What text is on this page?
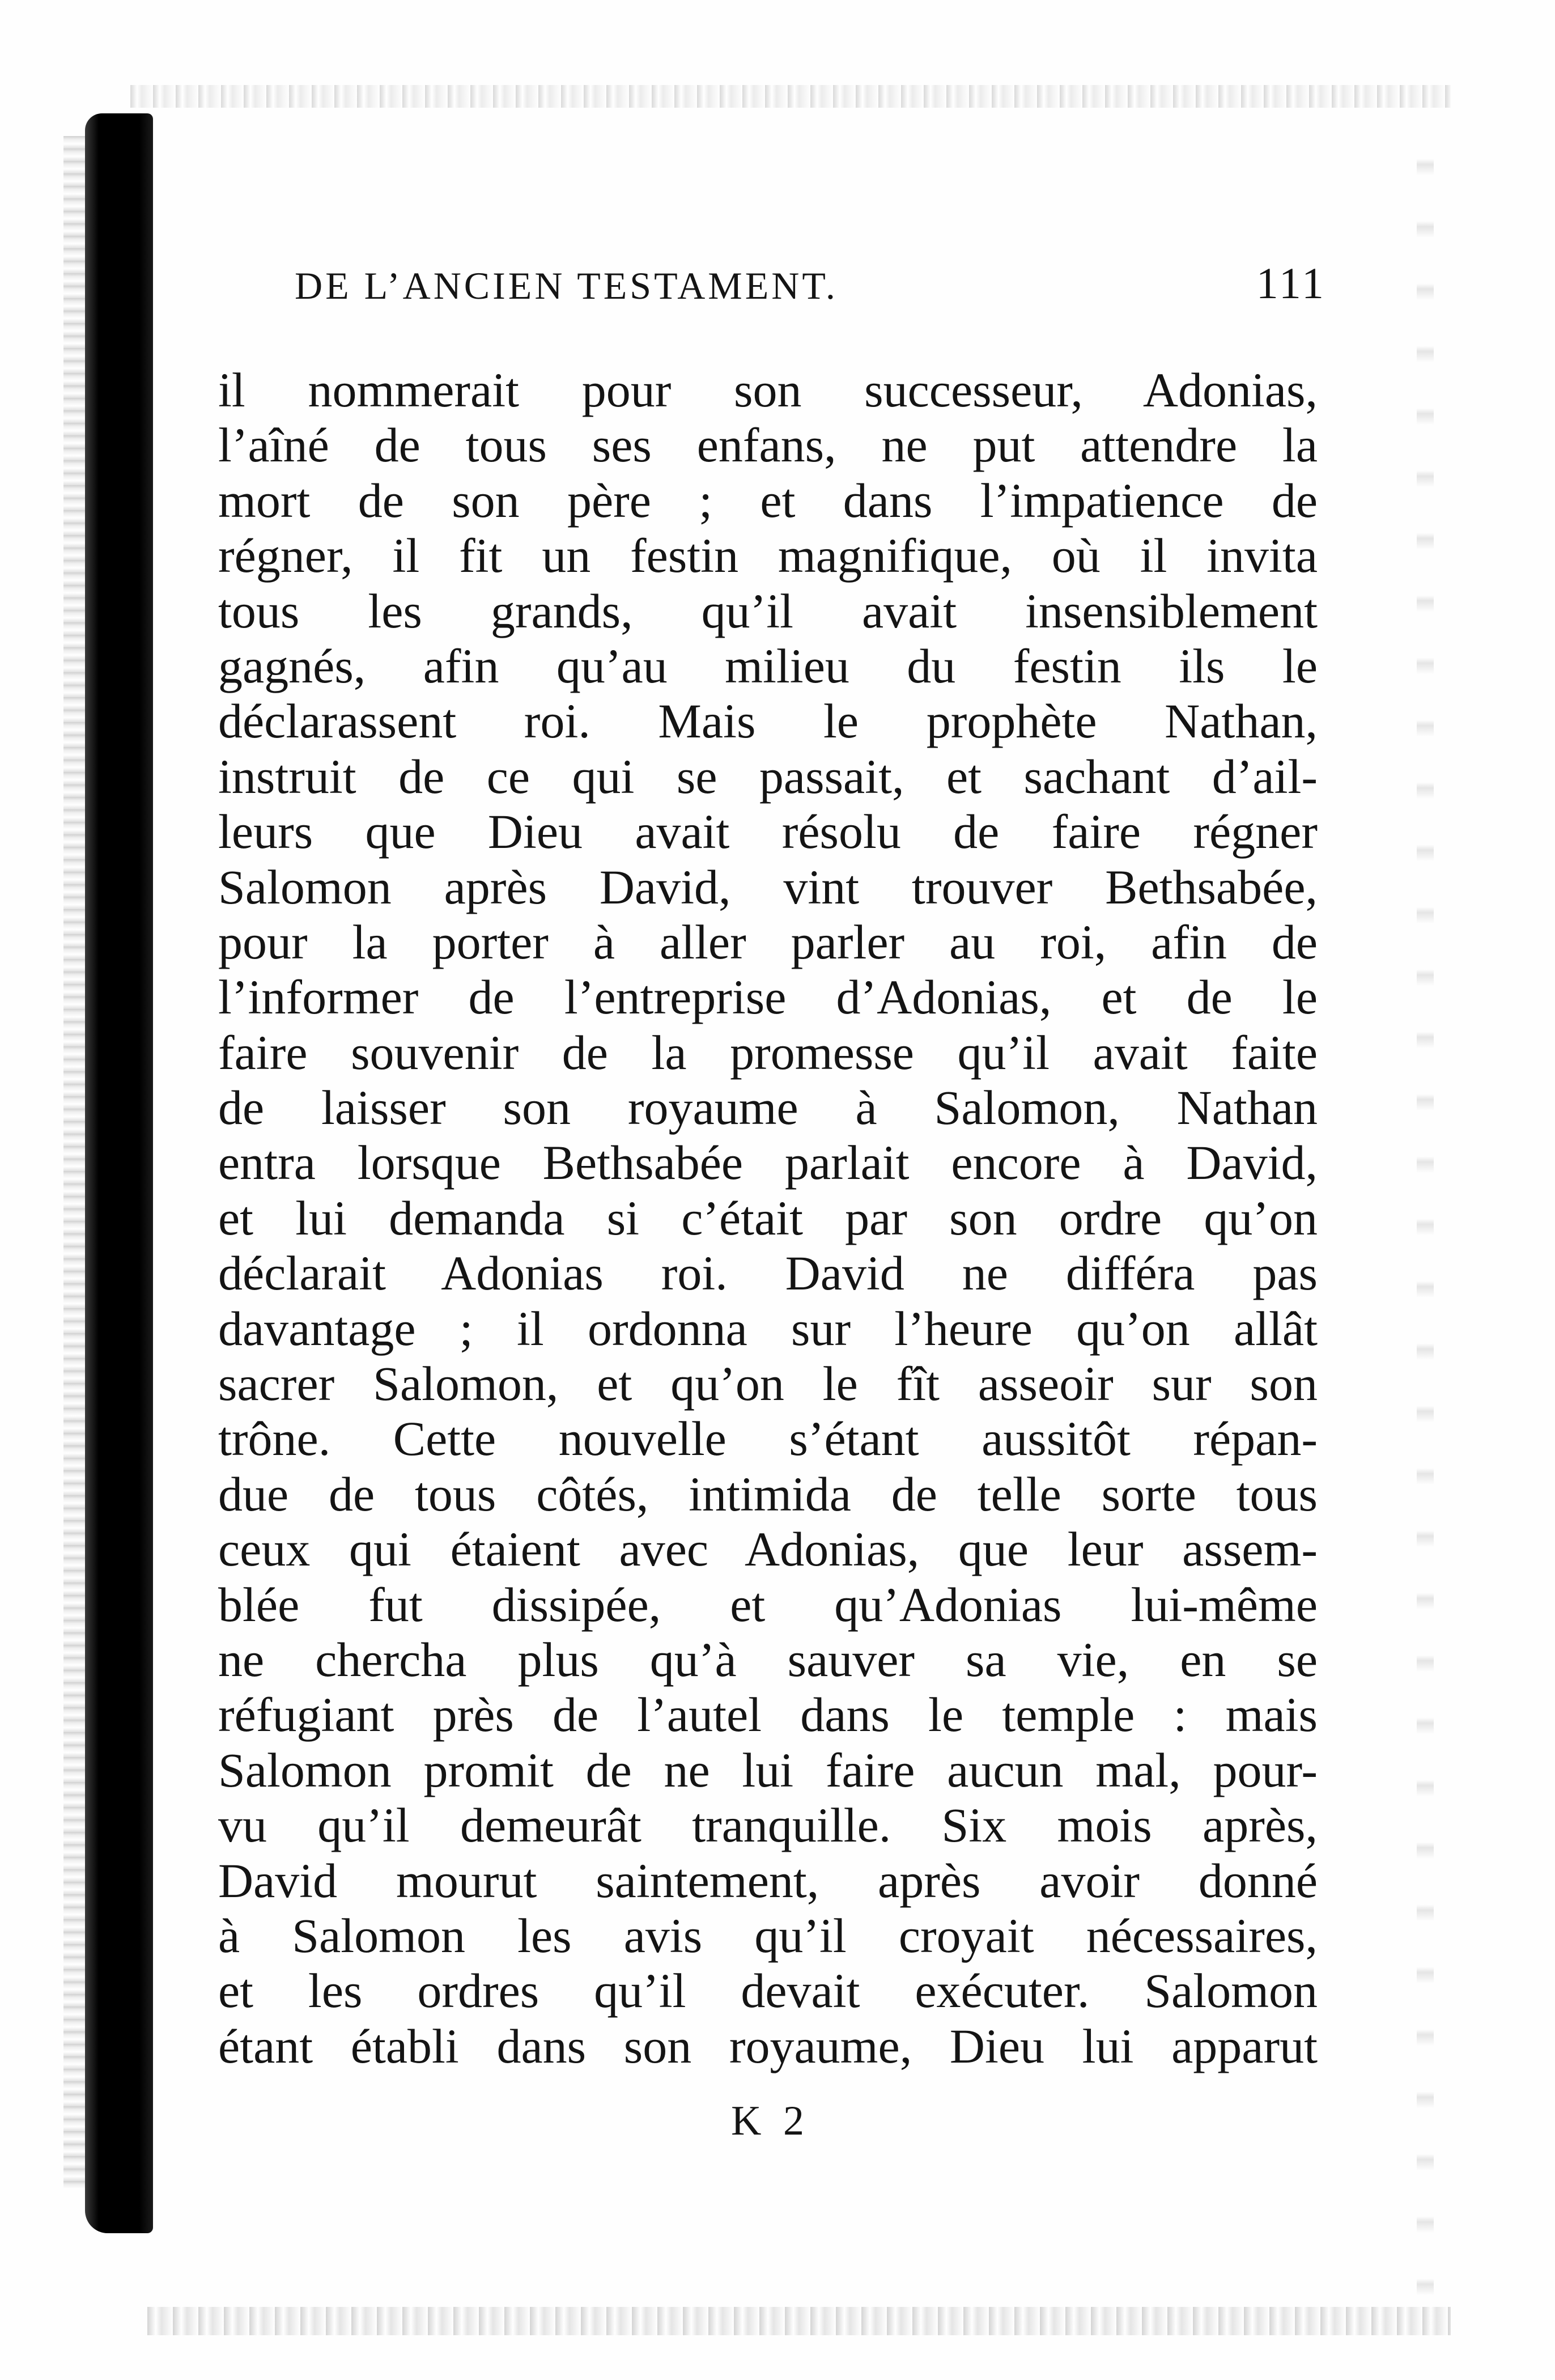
DE L’ANCIEN TESTAMENT.	111
il nommerait pour son successeur, Adonias,
l’aîné de tous ses enfans, ne put attendre la
mort de son père ; et dans l’impatience de
régner, il fit un festin magnifique, où il invita
tous les grands, qu’il avait insensiblement
gagnés, afin qu’au milieu du festin ils le
déclarassent roi. Mais le prophète Nathan,
instruit de ce qui se passait, et sachant d’ail-
leurs que Dieu avait résolu de faire régner
Salomon après David, vint trouver Bethsabée,
pour la porter à aller parler au roi, afin de
l’informer de l’entreprise d’Adonias, et de le
faire souvenir de la promesse qu’il avait faite
de laisser son royaume à Salomon, Nathan
entra lorsque Bethsabée parlait encore à David,
et lui demanda si c’était par son ordre qu’on
déclarait Adonias roi. David ne différa pas
davantage ; il ordonna sur l’heure qu’on allât
sacrer Salomon, et qu’on le fît asseoir sur son
trône. Cette nouvelle s’étant aussitôt répan-
due de tous côtés, intimida de telle sorte tous
ceux qui étaient avec Adonias, que leur assem-
blée fut dissipée, et qu’Adonias lui-même
ne chercha plus qu’à sauver sa vie, en se
réfugiant près de l’autel dans le temple : mais
Salomon promit de ne lui faire aucun mal, pour-
vu qu’il demeurât tranquille. Six mois après,
David mourut saintement, après avoir donné
à Salomon les avis qu’il croyait nécessaires,
et les ordres qu’il devait exécuter. Salomon
étant établi dans son royaume, Dieu lui apparut
K 2
